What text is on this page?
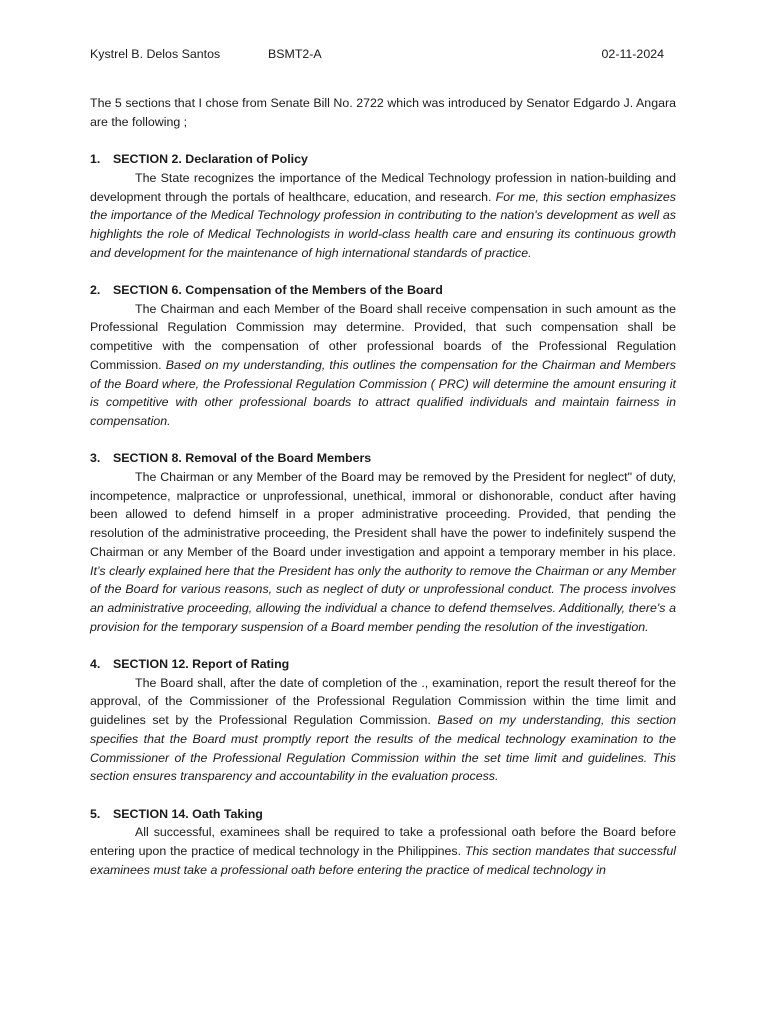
Kystrel B. Delos Santos	BSMT2-A	02-11-2024

The 5 sections that I chose from Senate Bill No. 2722 which was introduced by Senator Edgardo J. Angara are the following ;

1.	SECTION 2. Declaration of Policy

The State recognizes the importance of the Medical Technology profession in nation-building and development through the portals of healthcare, education, and research. For me, this section emphasizes the importance of the Medical Technology profession in contributing to the nation's development as well as highlights the role of Medical Technologists in world-class health care and ensuring its continuous growth and development for the maintenance of high international standards of practice.

2.	SECTION 6. Compensation of the Members of the Board

The Chairman and each Member of the Board shall receive compensation in such amount as the Professional Regulation Commission may determine. Provided, that such compensation shall be competitive with the compensation of other professional boards of the Professional Regulation Commission. Based on my understanding, this outlines the compensation for the Chairman and Members of the Board where, the Professional Regulation Commission ( PRC) will determine the amount ensuring it is competitive with other professional boards to attract qualified individuals and maintain fairness in compensation.

3.	SECTION 8. Removal of the Board Members

The Chairman or any Member of the Board may be removed by the President for neglect" of duty, incompetence, malpractice or unprofessional, unethical, immoral or dishonorable, conduct after having been allowed to defend himself in a proper administrative proceeding. Provided, that pending the resolution of the administrative proceeding, the President shall have the power to indefinitely suspend the Chairman or any Member of the Board under investigation and appoint a temporary member in his place. It’s clearly explained here that the President has only the authority to remove the Chairman or any Member of the Board for various reasons, such as neglect of duty or unprofessional conduct. The process involves an administrative proceeding, allowing the individual a chance to defend themselves. Additionally, there's a provision for the temporary suspension of a Board member pending the resolution of the investigation.

4.	SECTION 12. Report of Rating

The Board shall, after the date of completion of the ., examination, report the result thereof for the approval, of the Commissioner of the Professional Regulation Commission within the time limit and guidelines set by the Professional Regulation Commission. Based on my understanding, this section specifies that the Board must promptly report the results of the medical technology examination to the Commissioner of the Professional Regulation Commission within the set time limit and guidelines. This section ensures transparency and accountability in the evaluation process.

5.	SECTION 14. Oath Taking

All successful, examinees shall be required to take a professional oath before the Board before entering upon the practice of medical technology in the Philippines. This section mandates that successful examinees must take a professional oath before entering the practice of medical technology in
